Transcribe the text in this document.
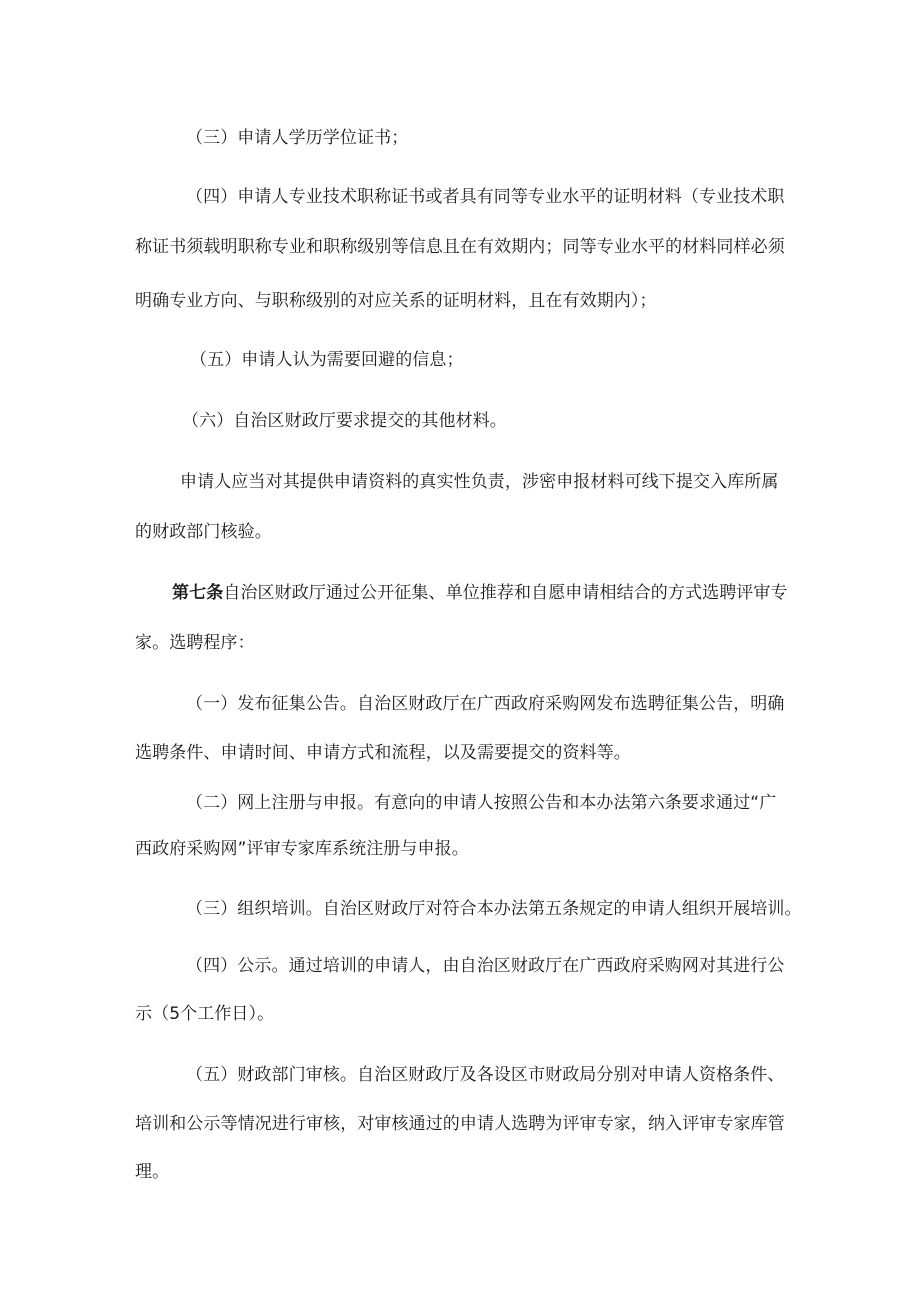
（三）申请人学历学位证书；

（四）申请人专业技术职称证书或者具有同等专业水平的证明材料（专业技术职

称证书须载明职称专业和职称级别等信息且在有效期内；同等专业水平的材料同样必须

明确专业方向、与职称级别的对应关系的证明材料，且在有效期内）；

（五）申请人认为需要回避的信息；

（六）自治区财政厅要求提交的其他材料。

申请人应当对其提供申请资料的真实性负责，涉密申报材料可线下提交入库所属

的财政部门核验。

第七条自治区财政厅通过公开征集、单位推荐和自愿申请相结合的方式选聘评审专

家。选聘程序：

（一）发布征集公告。自治区财政厅在广西政府采购网发布选聘征集公告，明确

选聘条件、申请时间、申请方式和流程，以及需要提交的资料等。

（二）网上注册与申报。有意向的申请人按照公告和本办法第六条要求通过“广

西政府采购网”评审专家库系统注册与申报。

（三）组织培训。自治区财政厅对符合本办法第五条规定的申请人组织开展培训。

（四）公示。通过培训的申请人，由自治区财政厅在广西政府采购网对其进行公

示（5个工作日）。

（五）财政部门审核。自治区财政厅及各设区市财政局分别对申请人资格条件、

培训和公示等情况进行审核，对审核通过的申请人选聘为评审专家，纳入评审专家库管

理。
